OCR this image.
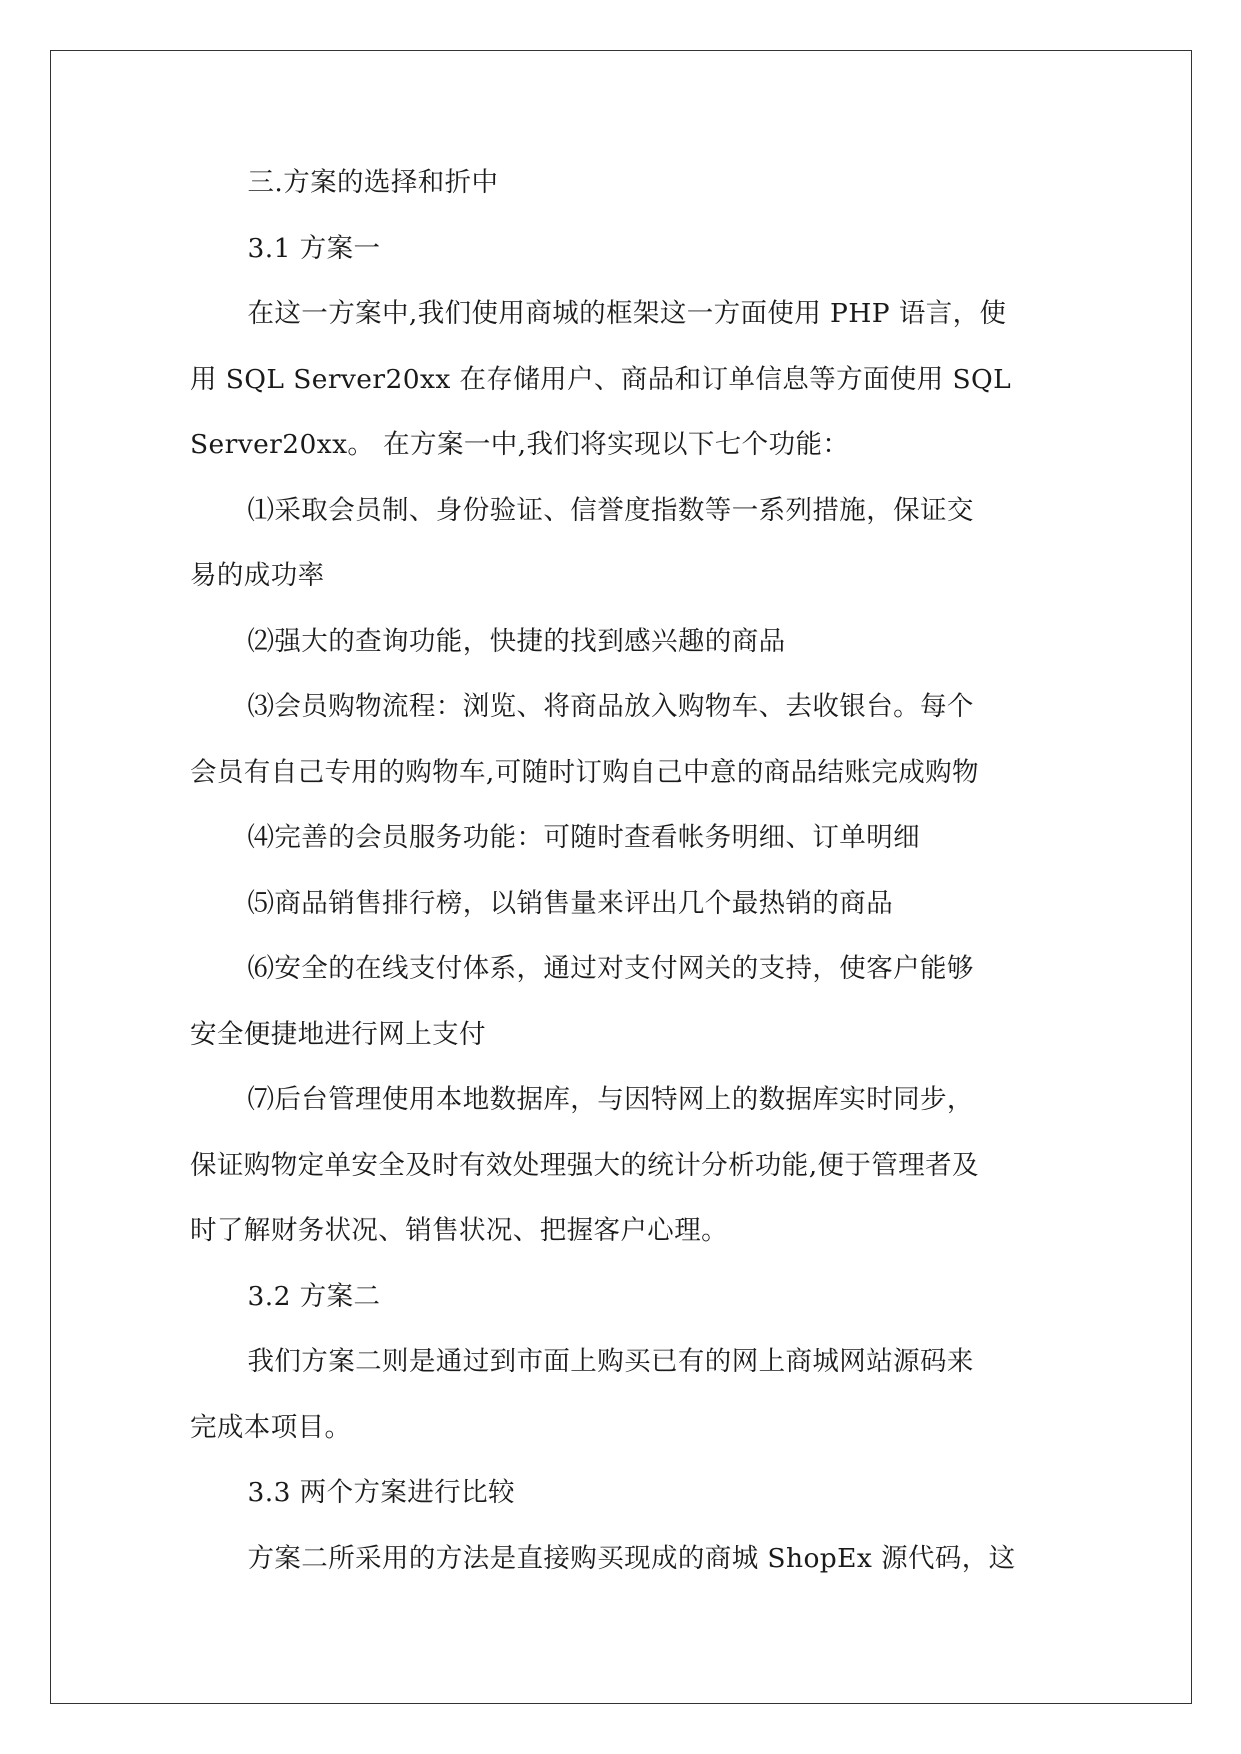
三.方案的选择和折中

3.1 方案一

在这一方案中,我们使用商城的框架这一方面使用 PHP 语言，使
用 SQL Server20xx 在存储用户、商品和订单信息等方面使用 SQL
Server20xx。 在方案一中,我们将实现以下七个功能：

⑴采取会员制、身份验证、信誉度指数等一系列措施，保证交
易的成功率

⑵强大的查询功能，快捷的找到感兴趣的商品

⑶会员购物流程：浏览、将商品放入购物车、去收银台。每个
会员有自己专用的购物车,可随时订购自己中意的商品结账完成购物

⑷完善的会员服务功能：可随时查看帐务明细、订单明细

⑸商品销售排行榜，以销售量来评出几个最热销的商品

⑹安全的在线支付体系，通过对支付网关的支持，使客户能够
安全便捷地进行网上支付

⑺后台管理使用本地数据库，与因特网上的数据库实时同步，
保证购物定单安全及时有效处理强大的统计分析功能,便于管理者及
时了解财务状况、销售状况、把握客户心理。

3.2 方案二

我们方案二则是通过到市面上购买已有的网上商城网站源码来
完成本项目。

3.3 两个方案进行比较

方案二所采用的方法是直接购买现成的商城 ShopEx 源代码，这
